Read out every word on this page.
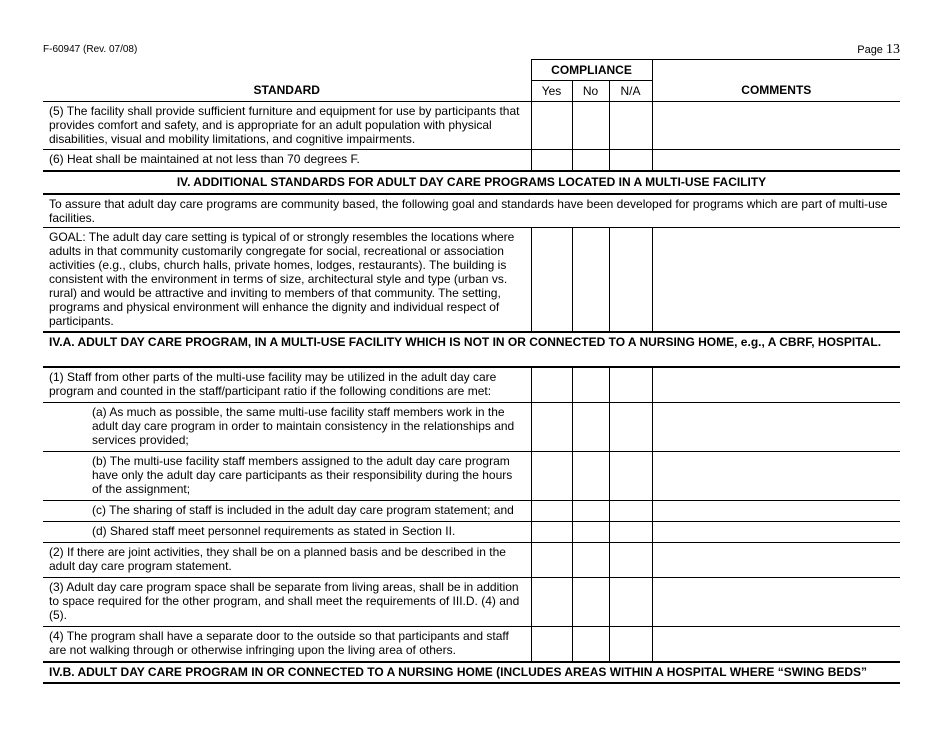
F-60947 (Rev. 07/08)	Page 13
STANDARD	COMPLIANCE			COMMENTS
	Yes	No	N/A	
(5) The facility shall provide sufficient furniture and equipment for use by participants that provides comfort and safety, and is appropriate for an adult population with physical disabilities, visual and mobility limitations, and cognitive impairments.				
(6) Heat shall be maintained at not less than 70 degrees F.				
IV. ADDITIONAL STANDARDS FOR ADULT DAY CARE PROGRAMS LOCATED IN A MULTI-USE FACILITY				
To assure that adult day care programs are community based, the following goal and standards have been developed for programs which are part of multi-use facilities.				
GOAL: The adult day care setting is typical of or strongly resembles the locations where adults in that community customarily congregate for social, recreational or association activities (e.g., clubs, church halls, private homes, lodges, restaurants). The building is consistent with the environment in terms of size, architectural style and type (urban vs. rural) and would be attractive and inviting to members of that community. The setting, programs and physical environment will enhance the dignity and individual respect of participants.				
IV.A. ADULT DAY CARE PROGRAM, IN A MULTI-USE FACILITY WHICH IS NOT IN OR CONNECTED TO A NURSING HOME, e.g., A CBRF, HOSPITAL.				
(1) Staff from other parts of the multi-use facility may be utilized in the adult day care program and counted in the staff/participant ratio if the following conditions are met:				
(a) As much as possible, the same multi-use facility staff members work in the adult day care program in order to maintain consistency in the relationships and services provided;				
(b) The multi-use facility staff members assigned to the adult day care program have only the adult day care participants as their responsibility during the hours of the assignment;				
(c) The sharing of staff is included in the adult day care program statement; and				
(d) Shared staff meet personnel requirements as stated in Section II.				
(2) If there are joint activities, they shall be on a planned basis and be described in the adult day care program statement.				
(3) Adult day care program space shall be separate from living areas, shall be in addition to space required for the other program, and shall meet the requirements of III.D. (4) and (5).				
(4) The program shall have a separate door to the outside so that participants and staff are not walking through or otherwise infringing upon the living area of others.				
IV.B. ADULT DAY CARE PROGRAM IN OR CONNECTED TO A NURSING HOME (INCLUDES AREAS WITHIN A HOSPITAL WHERE “SWING BEDS”				
